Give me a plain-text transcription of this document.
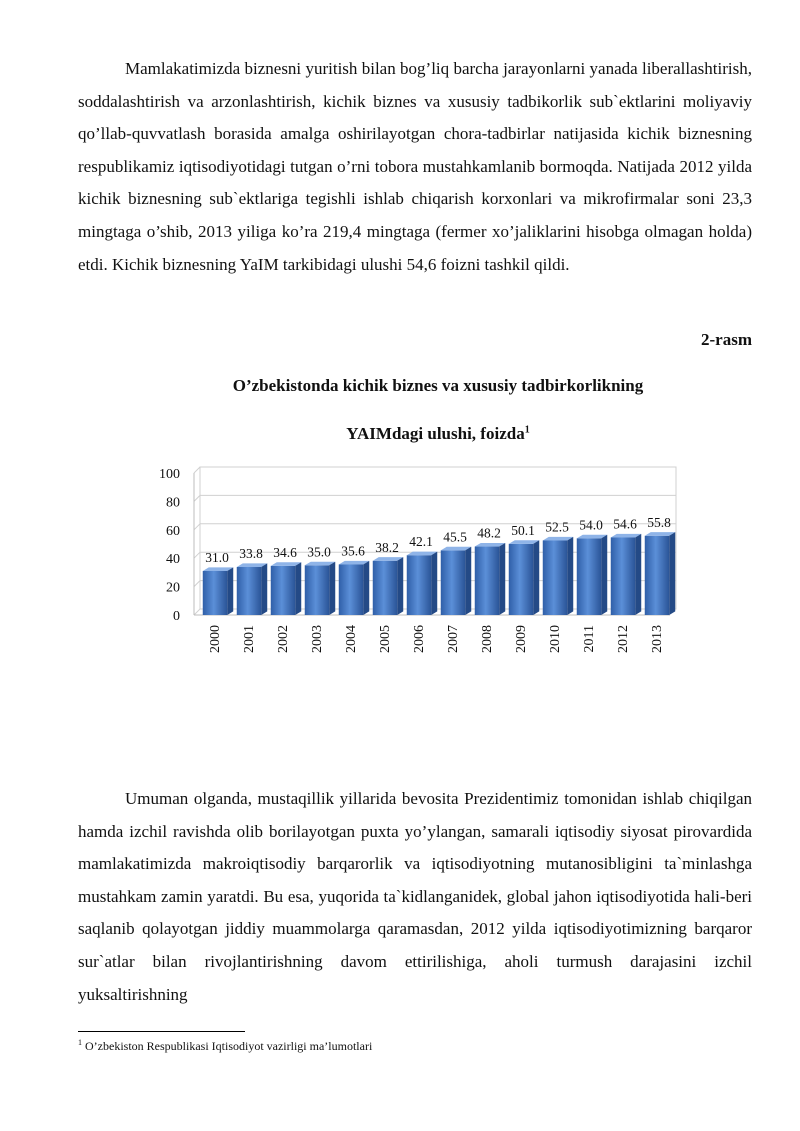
Mamlakatimizda biznesni yuritish bilan bog’liq barcha jarayonlarni yanada liberallashtirish, soddalashtirish va arzonlashtirish, kichik biznes va xususiy tadbikorlik sub`ektlarini moliyaviy qo’llab-quvvatlash borasida amalga oshirilayotgan chora-tadbirlar natijasida kichik biznesning respublikamiz iqtisodiyotidagi tutgan o’rni tobora mustahkamlanib bormoqda. Natijada 2012 yilda kichik biznesning sub`ektlariga tegishli ishlab chiqarish korxonlari va mikrofirmalar soni 23,3 mingtaga o’shib, 2013 yiliga ko’ra 219,4 mingtaga (fermer xo’jaliklarini hisobga olmagan holda) etdi. Kichik biznesning YaIM tarkibidagi ulushi 54,6 foizni tashkil qildi.

2-rasm
O’zbekistonda kichik biznes va xususiy tadbirkorlikning
YAIMdagi ulushi, foizda$^1$
0
20
40
60
80
100
31.0 33.8 34.6 35.0 35.6 38.2 42.1 45.5 48.2 50.1 52.5 54.0 54.6 55.8
2000 2001 2002 2003 2004 2005 2006 2007 2008 2009 2010 2011 2012 2013

Umuman olganda, mustaqillik yillarida bevosita Prezidentimiz tomonidan ishlab chiqilgan hamda izchil ravishda olib borilayotgan puxta yo’ylangan, samarali iqtisodiy siyosat pirovardida mamlakatimizda makroiqtisodiy barqarorlik va iqtisodiyotning mutanosibligini ta`minlashga mustahkam zamin yaratdi. Bu esa, yuqorida ta`kidlanganidek, global jahon iqtisodiyotida hali-beri saqlanib qolayotgan jiddiy muammolarga qaramasdan, 2012 yilda iqtisodiyotimizning barqaror sur`atlar bilan rivojlantirishning davom ettirilishiga, aholi turmush darajasini izchil yuksaltirishning

$^1$ O’zbekiston Respublikasi Iqtisodiyot vazirligi ma’lumotlari
